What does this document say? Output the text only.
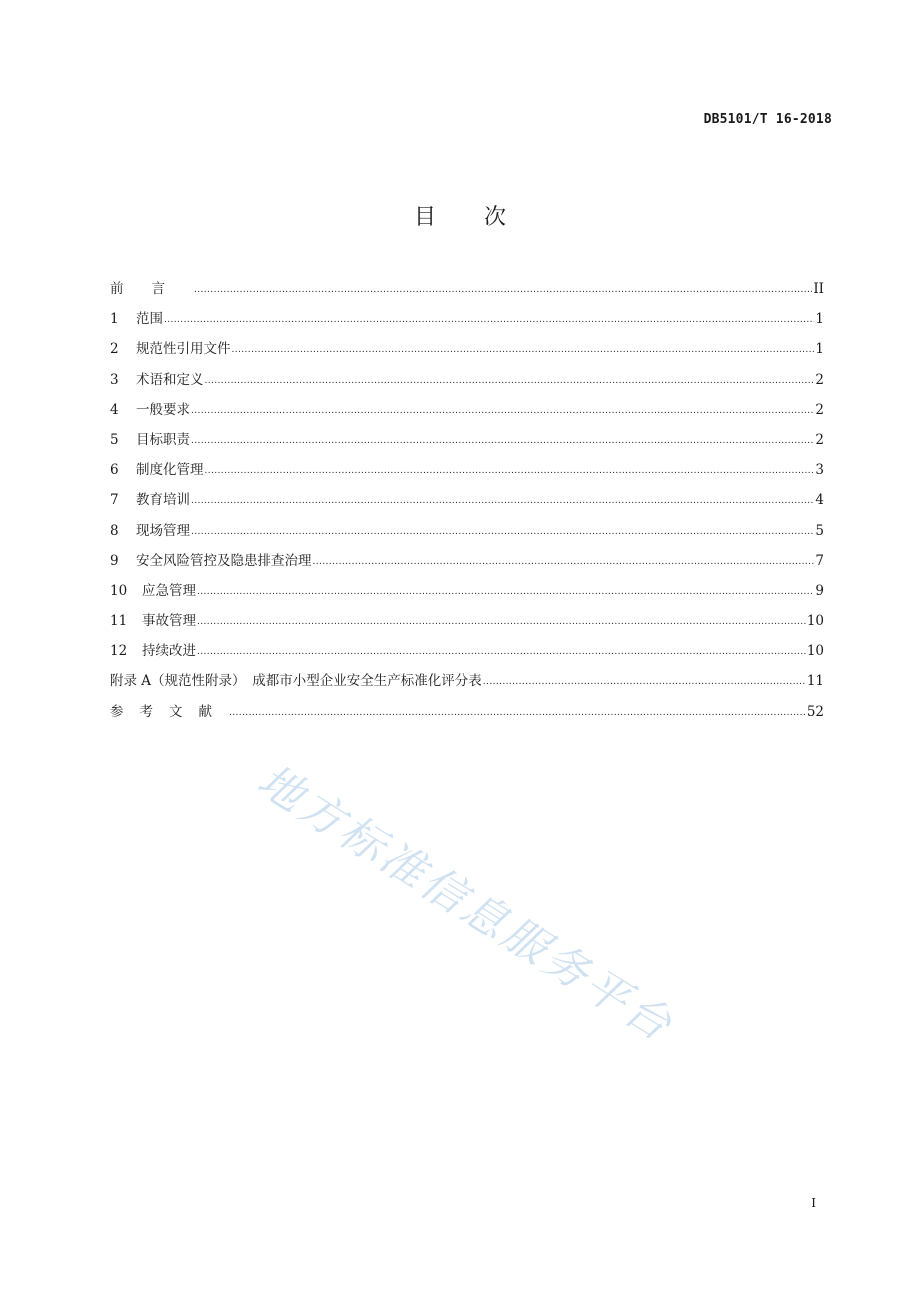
DB5101/T 16-2018
目次
前言 .....	II
1	范围 .....	1
2	规范性引用文件 .....	1
3	术语和定义 .....	2
4	一般要求 .....	2
5	目标职责 .....	2
6	制度化管理 .....	3
7	教育培训 .....	4
8	现场管理 .....	5
9	安全风险管控及隐患排查治理 .....	7
10	应急管理 .....	9
11	事故管理 .....	10
12	持续改进 .....	10
附录 A（规范性附录）　成都市小型企业安全生产标准化评分表 .....	11
参考文献 .....	52
地方标准信息服务平台
I
